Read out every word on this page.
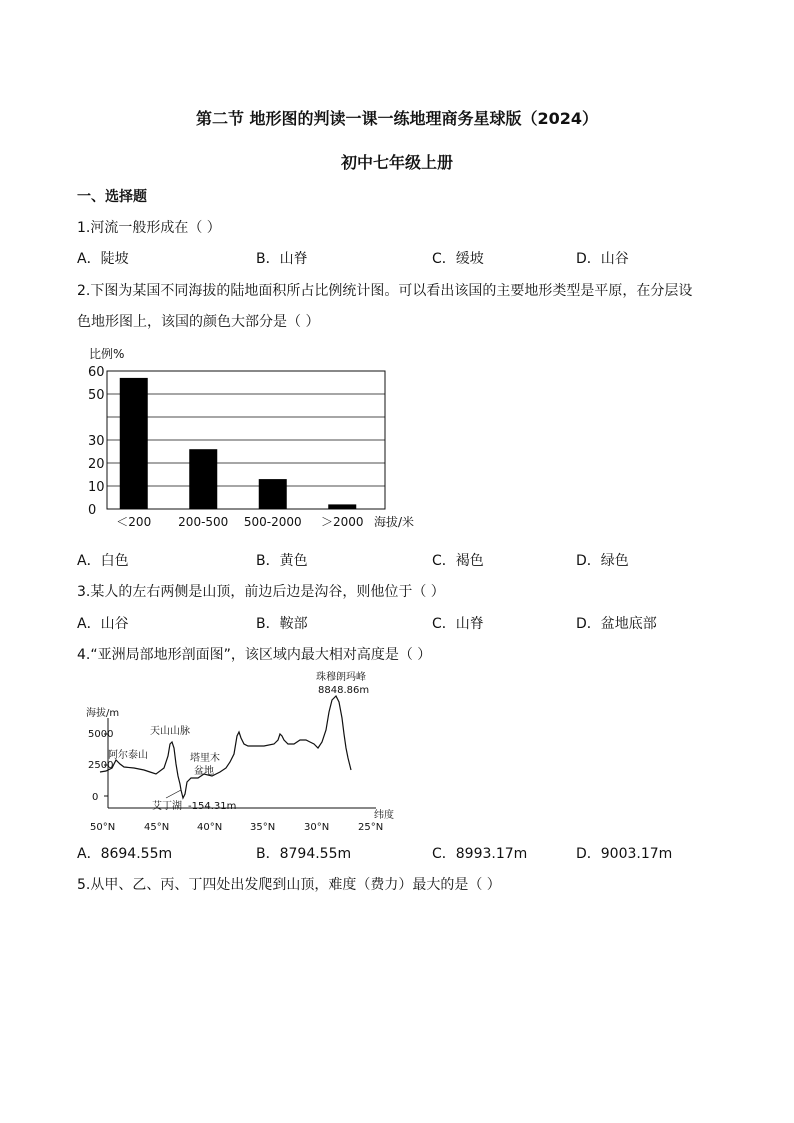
第二节 地形图的判读一课一练地理商务星球版（2024）
初中七年级上册
一、选择题
1.河流一般形成在（ ）
A．陡坡	B．山脊	C．缓坡	D．山谷
2.下图为某国不同海拔的陆地面积所占比例统计图。可以看出该国的主要地形类型是平原，在分层设
色地形图上，该国的颜色大部分是（ ）
比例%
海拔/米
0
10
20
30
50
60
＜200 200-500 500-2000 ＞2000
A．白色	B．黄色	C．褐色	D．绿色
3.某人的左右两侧是山顶，前边后边是沟谷，则他位于（ ）
A．山谷	B．鞍部	C．山脊	D．盆地底部
4.“亚洲局部地形剖面图”，该区域内最大相对高度是（ ）
海拔/m
5000
2500
0
50°N	45°N	40°N	35°N	30°N	25°N
纬度
阿尔泰山
天山山脉
塔里木
盆地
艾丁湖 -154.31m
珠穆朗玛峰
8848.86m
A．8694.55m	B．8794.55m	C．8993.17m	D．9003.17m
5.从甲、乙、丙、丁四处出发爬到山顶，难度（费力）最大的是（ ）
